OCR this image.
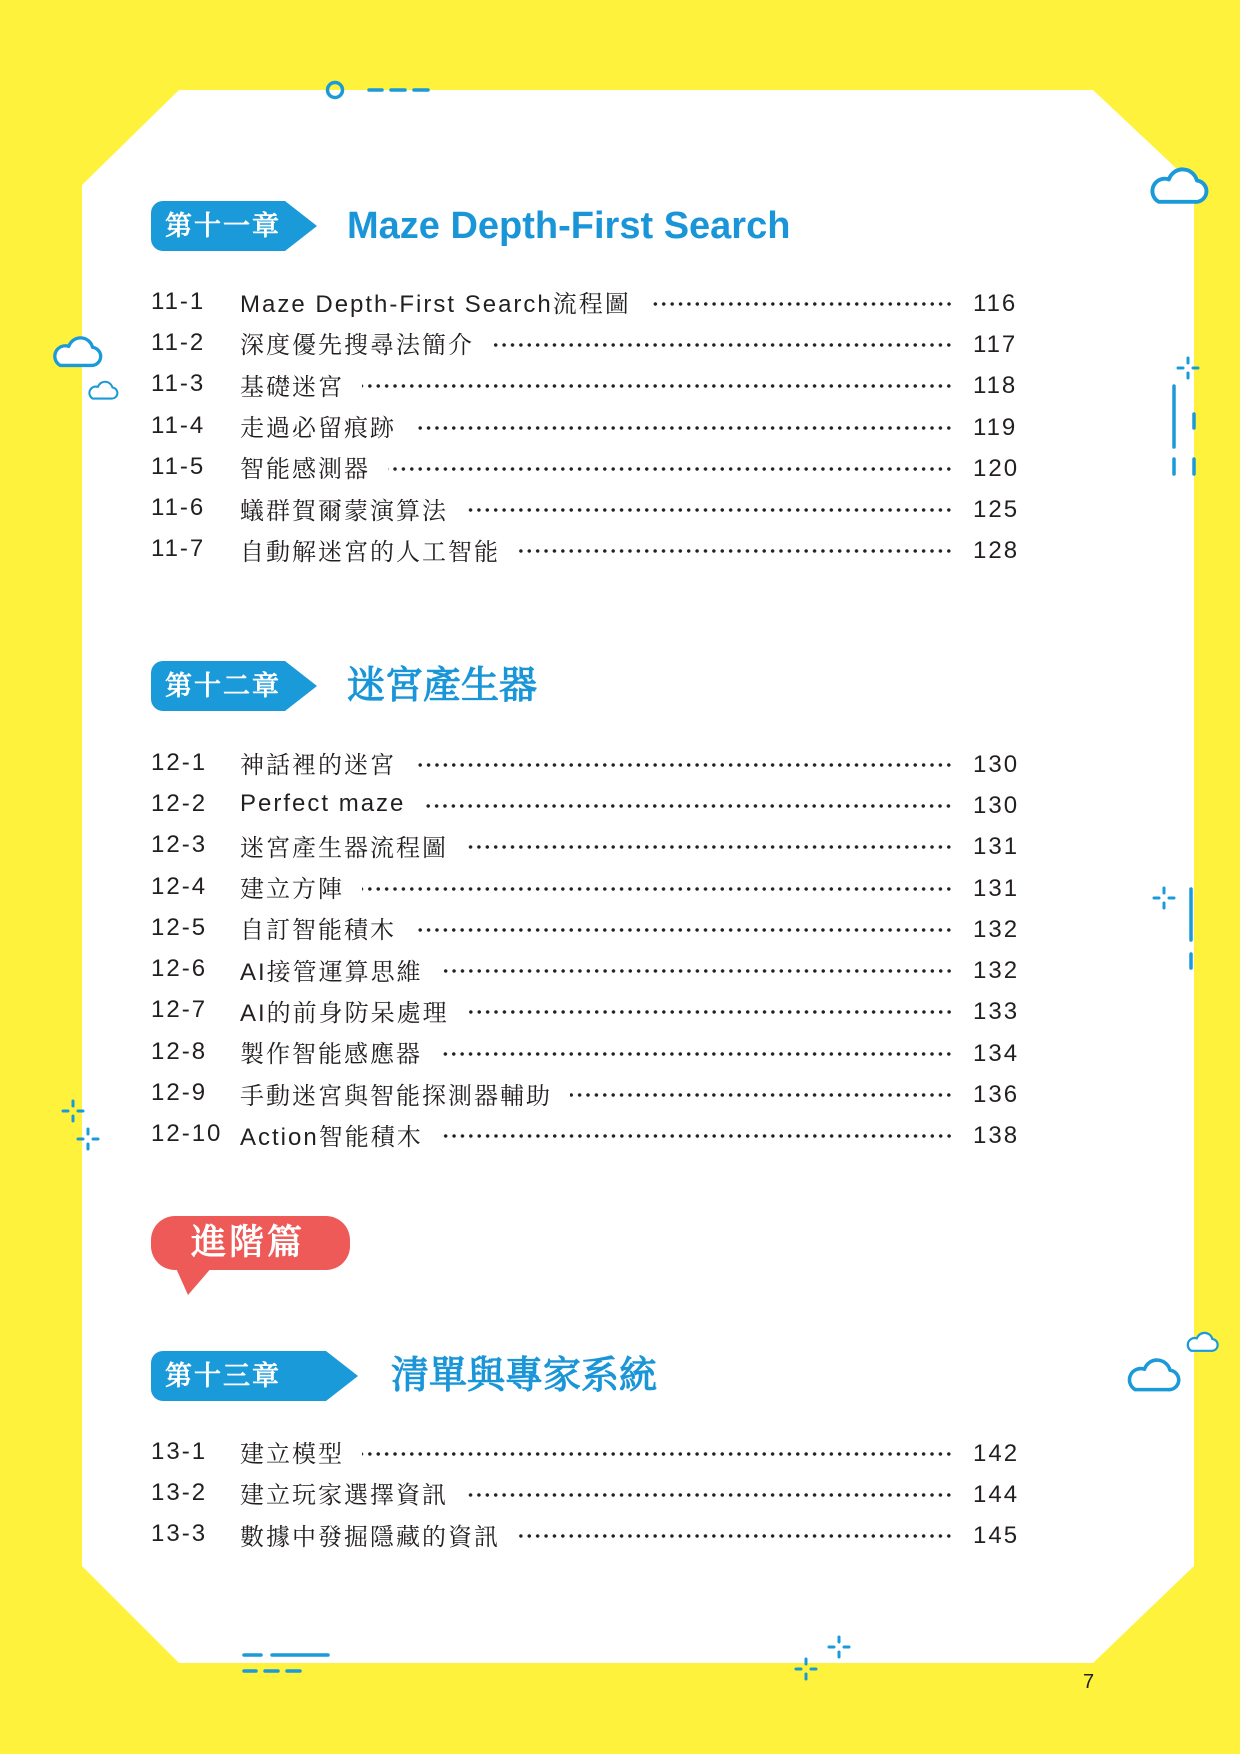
第十一章 Maze Depth-First Search
11-1	Maze Depth-First Search流程圖	116
11-2	深度優先搜尋法簡介	117
11-3	基礎迷宮	118
11-4	走過必留痕跡	119
11-5	智能感測器	120
11-6	蟻群賀爾蒙演算法	125
11-7	自動解迷宮的人工智能	128
第十二章 迷宮產生器
12-1	神話裡的迷宮	130
12-2	Perfect maze	130
12-3	迷宮產生器流程圖	131
12-4	建立方陣	131
12-5	自訂智能積木	132
12-6	AI接管運算思維	132
12-7	AI的前身防呆處理	133
12-8	製作智能感應器	134
12-9	手動迷宮與智能探測器輔助	136
12-10 Action智能積木	138
進階篇
第十三章	清單與專家系統
13-1	建立模型	142
13-2	建立玩家選擇資訊	144
13-3	數據中發掘隱藏的資訊	145
7
